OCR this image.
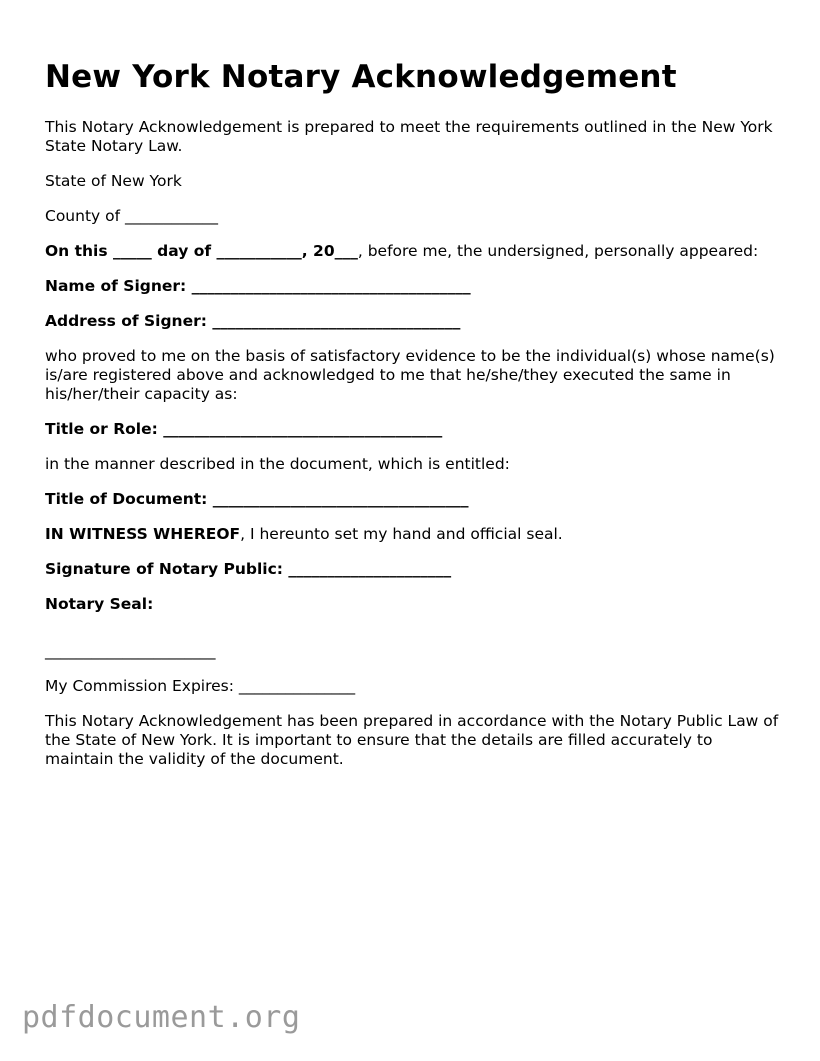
New York Notary Acknowledgement

This Notary Acknowledgement is prepared to meet the requirements outlined in the New York State Notary Law.

State of New York

County of ____________

On this _____ day of ___________, 20___, before me, the undersigned, personally appeared:

Name of Signer: ____________________________________

Address of Signer: ________________________________

who proved to me on the basis of satisfactory evidence to be the individual(s) whose name(s) is/are registered above and acknowledged to me that he/she/they executed the same in his/her/their capacity as:

Title or Role: ____________________________________

in the manner described in the document, which is entitled:

Title of Document: _________________________________

IN WITNESS WHEREOF, I hereunto set my hand and official seal.

Signature of Notary Public: _____________________

Notary Seal:

______________________

My Commission Expires: _______________

This Notary Acknowledgement has been prepared in accordance with the Notary Public Law of the State of New York. It is important to ensure that the details are filled accurately to maintain the validity of the document.

pdfdocument.org
